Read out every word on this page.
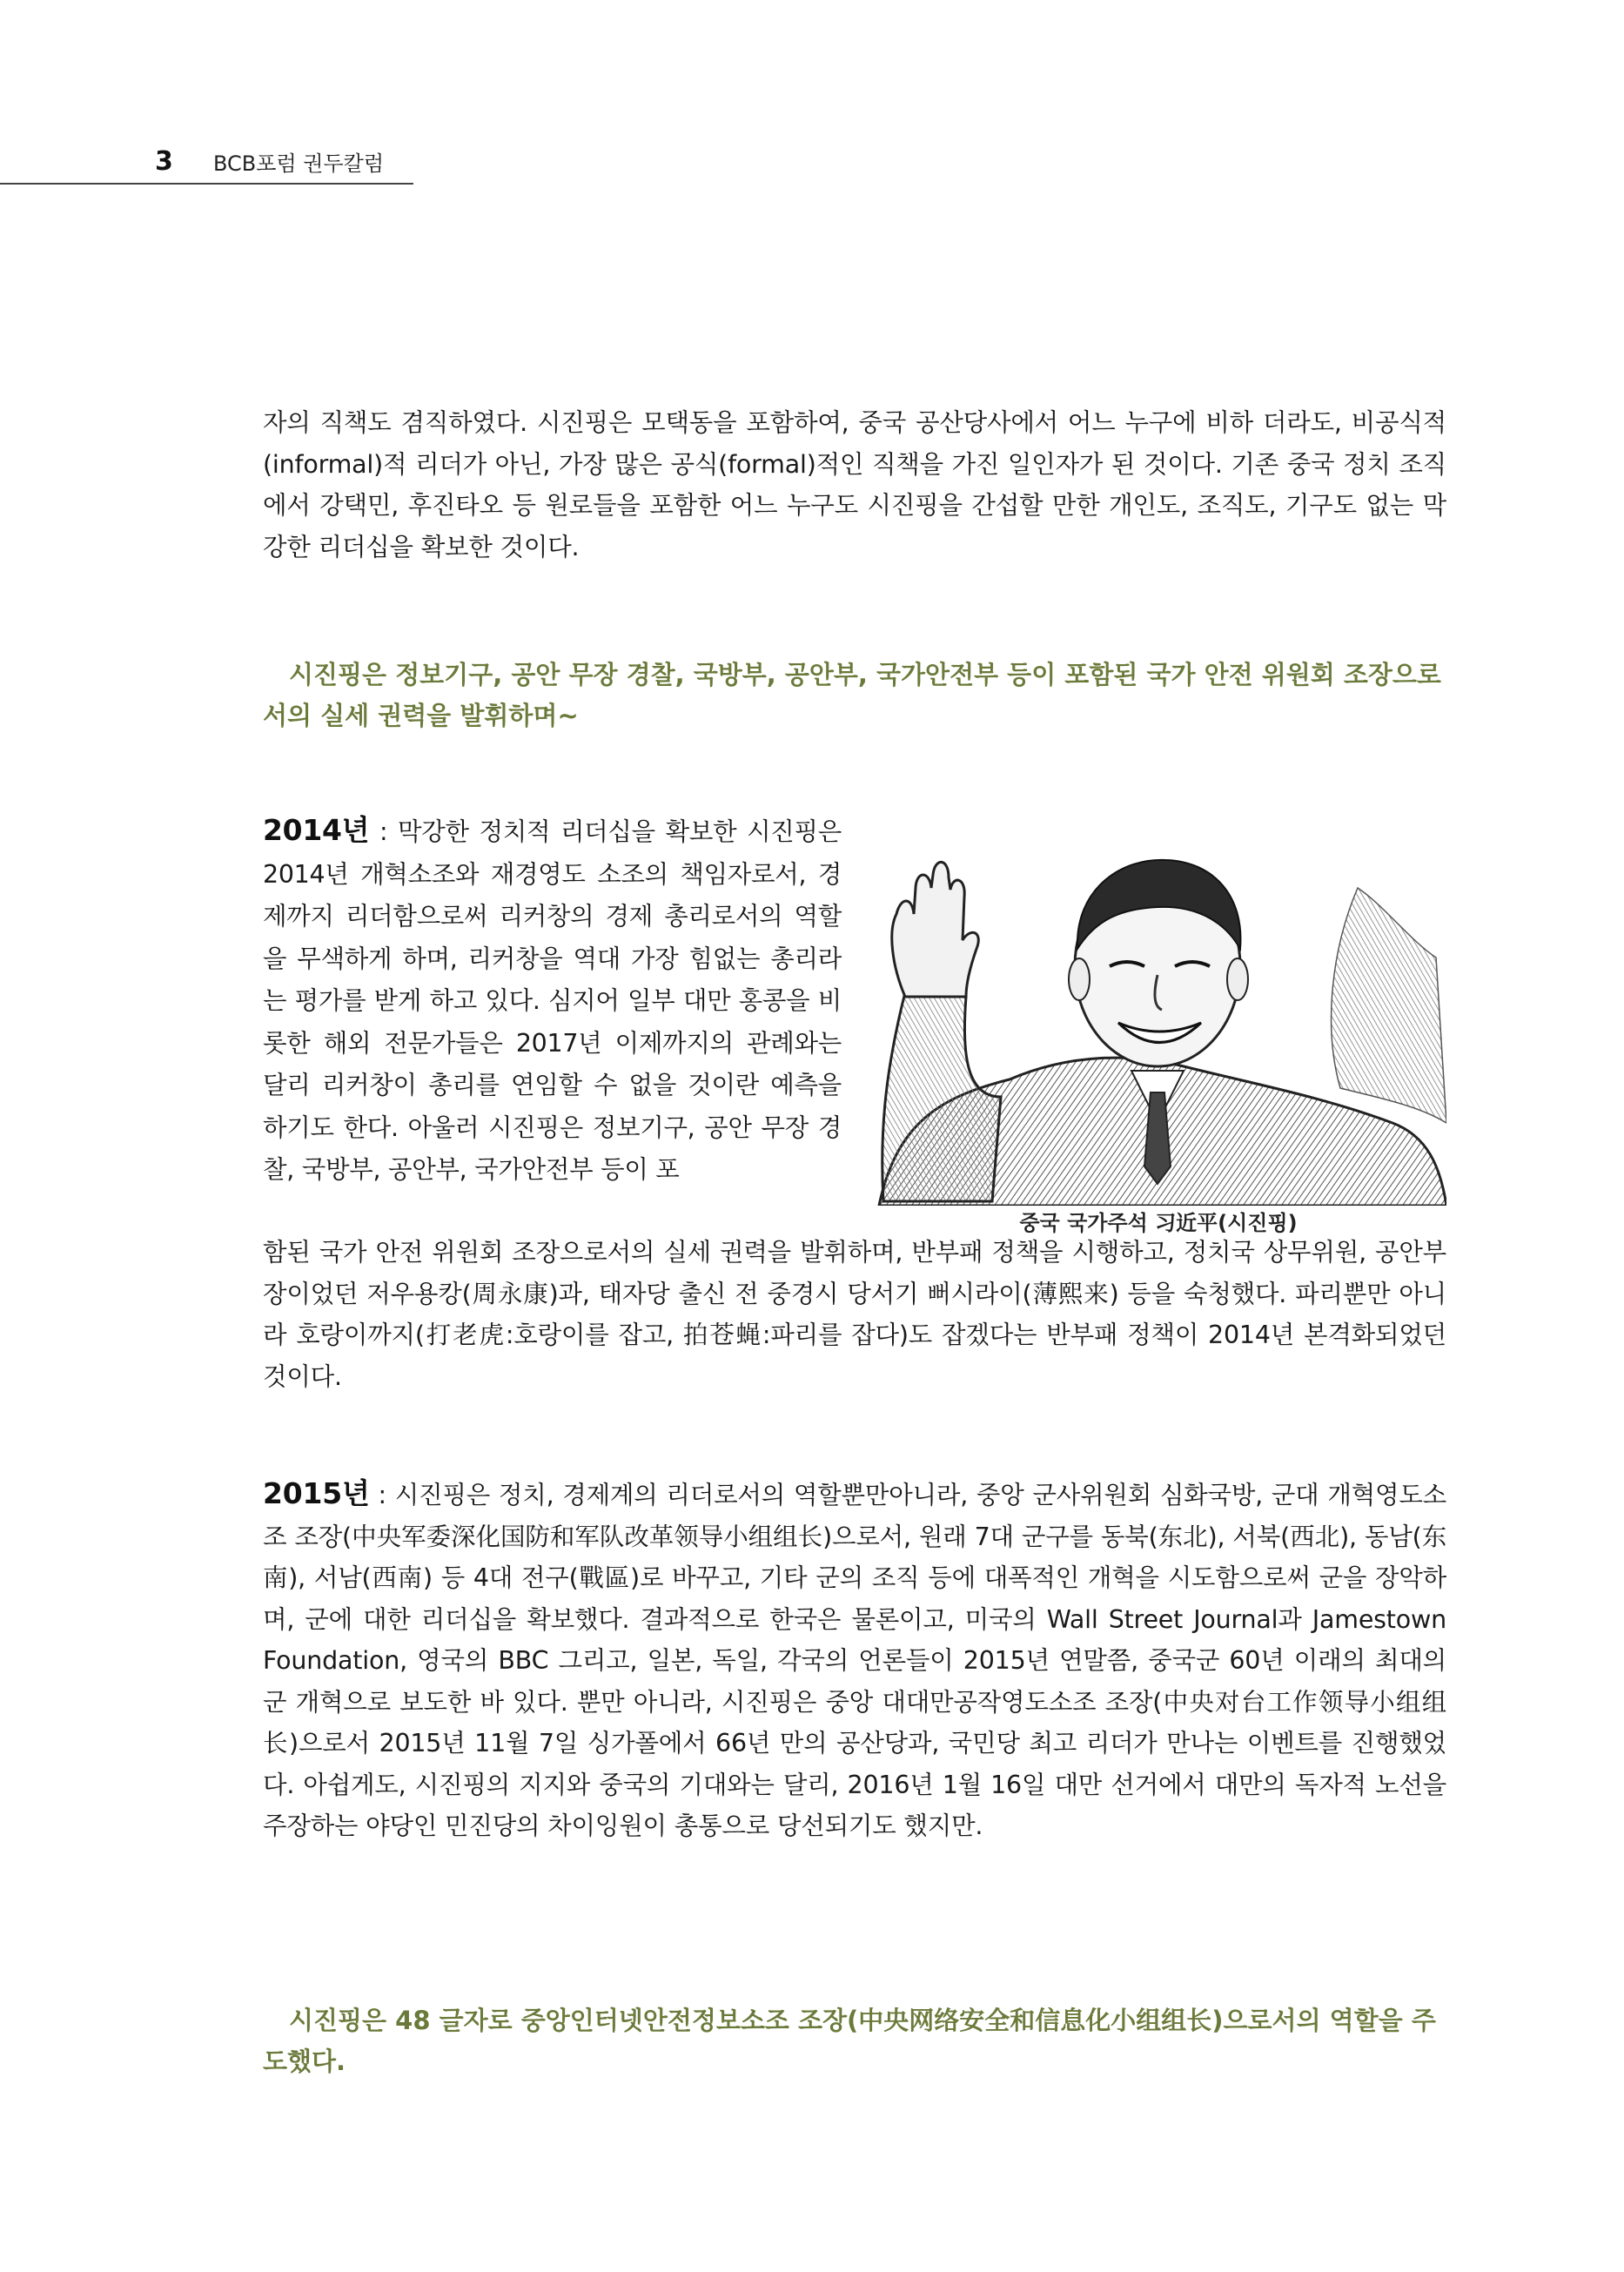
3 BCB포럼 권두칼럼

자의 직책도 겸직하였다. 시진핑은 모택동을 포함하여, 중국 공산당사에서 어느 누구에 비하 더라도, 비공식적(informal)적 리더가 아닌, 가장 많은 공식(formal)적인 직책을 가진 일인자가 된 것이다. 기존 중국 정치 조직에서 강택민, 후진타오 등 원로들을 포함한 어느 누구도 시진핑을 간섭할 만한 개인도, 조직도, 기구도 없는 막강한 리더십을 확보한 것이다.

시진핑은 정보기구, 공안 무장 경찰, 국방부, 공안부, 국가안전부 등이 포함된 국가 안전 위원회 조장으로서의 실세 권력을 발휘하며~

2014년 : 막강한 정치적 리더십을 확보한 시진핑은 2014년 개혁소조와 재경영도 소조의 책임자로서, 경제까지 리더함으로써 리커창의 경제 총리로서의 역할을 무색하게 하며, 리커창을 역대 가장 힘없는 총리라는 평가를 받게 하고 있다. 심지어 일부 대만 홍콩을 비롯한 해외 전문가들은 2017년 이제까지의 관례와는 달리 리커창이 총리를 연임할 수 없을 것이란 예측을 하기도 한다. 아울러 시진핑은 정보기구, 공안 무장 경찰, 국방부, 공안부, 국가안전부 등이 포

중국 국가주석 习近平(시진핑)

함된 국가 안전 위원회 조장으로서의 실세 권력을 발휘하며, 반부패 정책을 시행하고, 정치국 상무위원, 공안부장이었던 저우용캉(周永康)과, 태자당 출신 전 중경시 당서기 뻐시라이(薄熙来) 등을 숙청했다. 파리뿐만 아니라 호랑이까지(打老虎:호랑이를 잡고, 拍苍蝇:파리를 잡다)도 잡겠다는 반부패 정책이 2014년 본격화되었던 것이다.

2015년 : 시진핑은 정치, 경제계의 리더로서의 역할뿐만아니라, 중앙 군사위원회 심화국방, 군대 개혁영도소조 조장(中央军委深化国防和军队改革领导小组组长)으로서, 원래 7대 군구를 동북(东北), 서북(西北), 동남(东南), 서남(西南) 등 4대 전구(戰區)로 바꾸고, 기타 군의 조직 등에 대폭적인 개혁을 시도함으로써 군을 장악하며, 군에 대한 리더십을 확보했다. 결과적으로 한국은 물론이고, 미국의 Wall Street Journal과 Jamestown Foundation, 영국의 BBC 그리고, 일본, 독일, 각국의 언론들이 2015년 연말쯤, 중국군 60년 이래의 최대의 군 개혁으로 보도한 바 있다. 뿐만 아니라, 시진핑은 중앙 대대만공작영도소조 조장(中央对台工作领导小组组长)으로서 2015년 11월 7일 싱가폴에서 66년 만의 공산당과, 국민당 최고 리더가 만나는 이벤트를 진행했었다. 아쉽게도, 시진핑의 지지와 중국의 기대와는 달리, 2016년 1월 16일 대만 선거에서 대만의 독자적 노선을 주장하는 야당인 민진당의 차이잉원이 총통으로 당선되기도 했지만.

시진핑은 48 글자로 중앙인터넷안전정보소조 조장(中央网络安全和信息化小组组长)으로서의 역할을 주도했다.
